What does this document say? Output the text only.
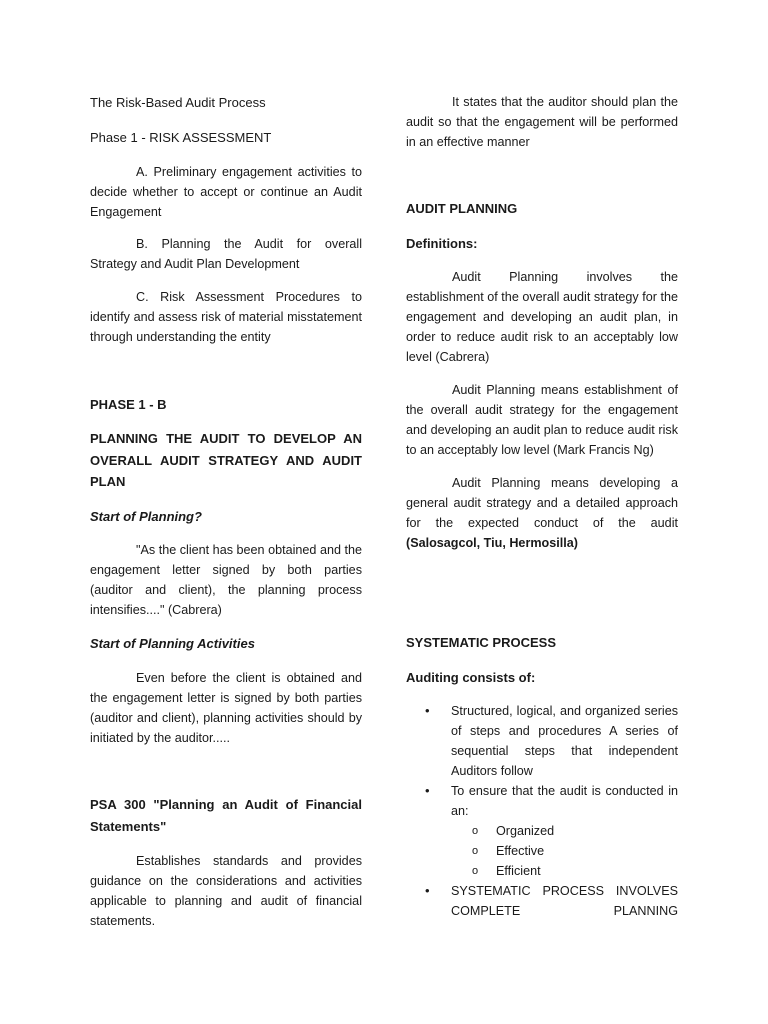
The Risk-Based Audit Process
Phase 1 - RISK ASSESSMENT
A. Preliminary engagement activities to decide whether to accept or continue an Audit Engagement
B. Planning the Audit for overall Strategy and Audit Plan Development
C. Risk Assessment Procedures to identify and assess risk of material misstatement through understanding the entity
PHASE 1 - B
PLANNING THE AUDIT TO DEVELOP AN OVERALL AUDIT STRATEGY AND AUDIT PLAN
Start of Planning?
"As the client has been obtained and the engagement letter signed by both parties (auditor and client), the planning process intensifies...." (Cabrera)
Start of Planning Activities
Even before the client is obtained and the engagement letter is signed by both parties (auditor and client), planning activities should by initiated by the auditor.....
PSA 300 "Planning an Audit of Financial Statements"
Establishes standards and provides guidance on the considerations and activities applicable to planning and audit of financial statements.
It states that the auditor should plan the audit so that the engagement will be performed in an effective manner
AUDIT PLANNING
Definitions:
Audit Planning involves the establishment of the overall audit strategy for the engagement and developing an audit plan, in order to reduce audit risk to an acceptably low level (Cabrera)
Audit Planning means establishment of the overall audit strategy for the engagement and developing an audit plan to reduce audit risk to an acceptably low level (Mark Francis Ng)
Audit Planning means developing a general audit strategy and a detailed approach for the expected conduct of the audit (Salosagcol, Tiu, Hermosilla)
SYSTEMATIC PROCESS
Auditing consists of:
• Structured, logical, and organized series of steps and procedures A series of sequential steps that independent Auditors follow
• To ensure that the audit is conducted in an:
o Organized
o Effective
o Efficient
• SYSTEMATIC PROCESS INVOLVES COMPLETE PLANNING
